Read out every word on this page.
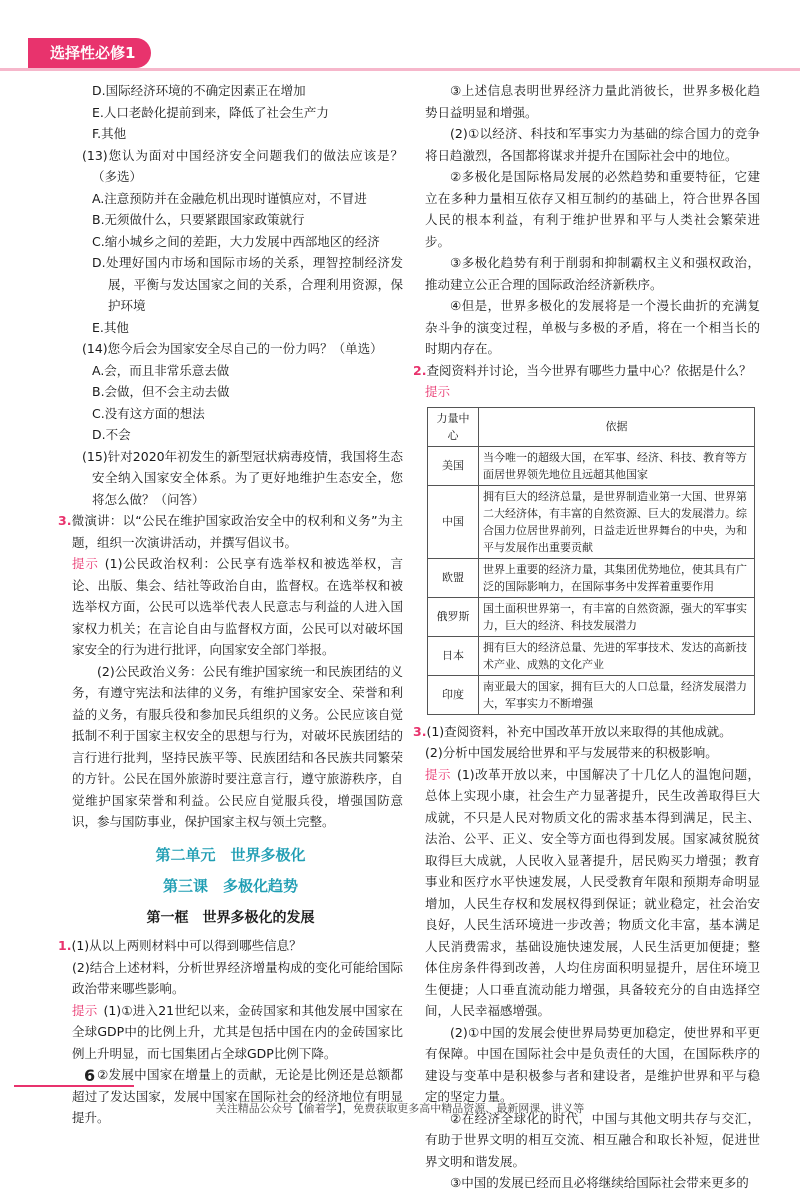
选择性必修1

D.国际经济环境的不确定因素正在增加

E.人口老龄化提前到来，降低了社会生产力

F.其他

(13)您认为面对中国经济安全问题我们的做法应该是？（多选）

A.注意预防并在金融危机出现时谨慎应对，不冒进

B.无须做什么，只要紧跟国家政策就行

C.缩小城乡之间的差距，大力发展中西部地区的经济

D.处理好国内市场和国际市场的关系，理智控制经济发展，平衡与发达国家之间的关系，合理利用资源，保护环境

E.其他

(14)您今后会为国家安全尽自己的一份力吗？（单选）

A.会，而且非常乐意去做

B.会做，但不会主动去做

C.没有这方面的想法

D.不会

(15)针对2020年初发生的新型冠状病毒疫情，我国将生态安全纳入国家安全体系。为了更好地维护生态安全，您将怎么做？（问答）

3.微演讲：以“公民在维护国家政治安全中的权利和义务”为主题，组织一次演讲活动，并撰写倡议书。

提示 (1)公民政治权利：公民享有选举权和被选举权，言论、出版、集会、结社等政治自由，监督权。在选举权和被选举权方面，公民可以选举代表人民意志与利益的人进入国家权力机关；在言论自由与监督权方面，公民可以对破坏国家安全的行为进行批评，向国家安全部门举报。

(2)公民政治义务：公民有维护国家统一和民族团结的义务，有遵守宪法和法律的义务，有维护国家安全、荣誉和利益的义务，有服兵役和参加民兵组织的义务。公民应该自觉抵制不利于国家主权安全的思想与行为，对破坏民族团结的言行进行批判，坚持民族平等、民族团结和各民族共同繁荣的方针。公民在国外旅游时要注意言行，遵守旅游秩序，自觉维护国家荣誉和利益。公民应自觉服兵役，增强国防意识，参与国防事业，保护国家主权与领土完整。

第二单元　世界多极化
第三课　多极化趋势
第一框　世界多极化的发展

1.(1)从以上两则材料中可以得到哪些信息？

(2)结合上述材料，分析世界经济增量构成的变化可能给国际政治带来哪些影响。

提示 (1)①进入21世纪以来，金砖国家和其他发展中国家在全球GDP中的比例上升，尤其是包括中国在内的金砖国家比例上升明显，而七国集团占全球GDP比例下降。

②发展中国家在增量上的贡献，无论是比例还是总额都超过了发达国家，发展中国家在国际社会的经济地位有明显提升。

③上述信息表明世界经济力量此消彼长，世界多极化趋势日益明显和增强。

(2)①以经济、科技和军事实力为基础的综合国力的竞争将日趋激烈，各国都将谋求并提升在国际社会中的地位。

②多极化是国际格局发展的必然趋势和重要特征，它建立在多种力量相互依存又相互制约的基础上，符合世界各国人民的根本利益，有利于维护世界和平与人类社会繁荣进步。

③多极化趋势有利于削弱和抑制霸权主义和强权政治，推动建立公正合理的国际政治经济新秩序。

④但是，世界多极化的发展将是一个漫长曲折的充满复杂斗争的演变过程，单极与多极的矛盾，将在一个相当长的时期内存在。

2.查阅资料并讨论，当今世界有哪些力量中心？依据是什么？

提示

力量中心	依据
美国	当今唯一的超级大国，在军事、经济、科技、教育等方面居世界领先地位且远超其他国家
中国	拥有巨大的经济总量，是世界制造业第一大国、世界第二大经济体，有丰富的自然资源、巨大的发展潜力。综合国力位居世界前列，日益走近世界舞台的中央，为和平与发展作出重要贡献
欧盟	世界上重要的经济力量，其集团优势地位，使其具有广泛的国际影响力，在国际事务中发挥着重要作用
俄罗斯	国土面积世界第一，有丰富的自然资源，强大的军事实力，巨大的经济、科技发展潜力
日本	拥有巨大的经济总量、先进的军事技术、发达的高新技术产业、成熟的文化产业
印度	南亚最大的国家，拥有巨大的人口总量，经济发展潜力大，军事实力不断增强

3.(1)查阅资料，补充中国改革开放以来取得的其他成就。

(2)分析中国发展给世界和平与发展带来的积极影响。

提示 (1)改革开放以来，中国解决了十几亿人的温饱问题，总体上实现小康，社会生产力显著提升，民生改善取得巨大成就，不只是人民对物质文化的需求基本得到满足，民主、法治、公平、正义、安全等方面也得到发展。国家减贫脱贫取得巨大成就，人民收入显著提升，居民购买力增强；教育事业和医疗水平快速发展，人民受教育年限和预期寿命明显增加，人民生存权和发展权得到保证；就业稳定，社会治安良好，人民生活环境进一步改善；物质文化丰富，基本满足人民消费需求，基础设施快速发展，人民生活更加便捷；整体住房条件得到改善，人均住房面积明显提升，居住环境卫生便捷；人口垂直流动能力增强，具备较充分的自由选择空间，人民幸福感增强。

(2)①中国的发展会使世界局势更加稳定，使世界和平更有保障。中国在国际社会中是负责任的大国，在国际秩序的建设与变革中是积极参与者和建设者，是维护世界和平与稳定的坚定力量。

②在经济全球化的时代，中国与其他文明共存与交汇，有助于世界文明的相互交流、相互融合和取长补短，促进世界文明和谐发展。

③中国的发展已经而且必将继续给国际社会带来更多的

6
关注精品公众号【偷着学】，免费获取更多高中精品资源、最新网课、讲义等
